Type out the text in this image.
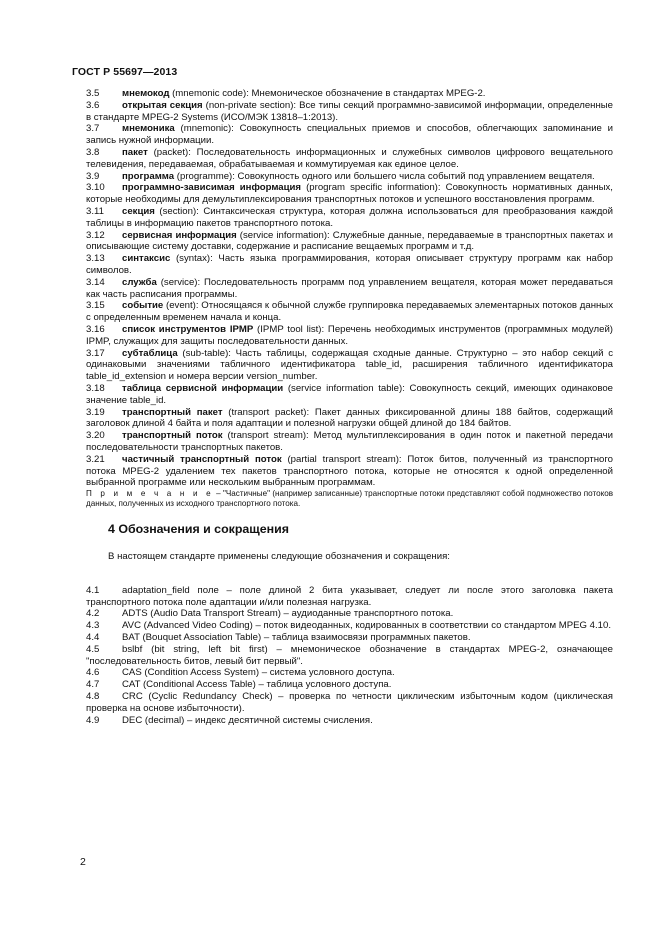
ГОСТ Р 55697—2013

3.5 мнемокод (mnemonic code): Мнемоническое обозначение в стандартах MPEG-2.

3.6 открытая секция (non-private section): Все типы секций программно-зависимой информации, определенные в стандарте MPEG-2 Systems (ИСО/МЭК 13818–1:2013).

3.7 мнемоника (mnemonic): Совокупность специальных приемов и способов, облегчающих запоминание и запись нужной информации.

3.8 пакет (packet): Последовательность информационных и служебных символов цифрового вещательного телевидения, передаваемая, обрабатываемая и коммутируемая как единое целое.

3.9 программа (programme): Совокупность одного или большего числа событий под управлением вещателя.

3.10 программно-зависимая информация (program specific information): Совокупность нормативных данных, которые необходимы для демультиплексирования транспортных потоков и успешного восстановления программ.

3.11 секция (section): Синтаксическая структура, которая должна использоваться для преобразования каждой таблицы в информацию пакетов транспортного потока.

3.12 сервисная информация (service information): Служебные данные, передаваемые в транспортных пакетах и описывающие систему доставки, содержание и расписание вещаемых программ и т.д.

3.13 синтаксис (syntax): Часть языка программирования, которая описывает структуру программ как набор символов.

3.14 служба (service): Последовательность программ под управлением вещателя, которая может передаваться как часть расписания программы.

3.15 событие (event): Относящаяся к обычной службе группировка передаваемых элементарных потоков данных с определенным временем начала и конца.

3.16 список инструментов IPMP (IPMP tool list): Перечень необходимых инструментов (программных модулей) IPMP, служащих для защиты последовательности данных.

3.17 субтаблица (sub-table): Часть таблицы, содержащая сходные данные. Структурно – это набор секций с одинаковыми значениями табличного идентификатора table_id, расширения табличного идентификатора table_id_extension и номера версии version_number.

3.18 таблица сервисной информации (service information table): Совокупность секций, имеющих одинаковое значение table_id.

3.19 транспортный пакет (transport packet): Пакет данных фиксированной длины 188 байтов, содержащий заголовок длиной 4 байта и поля адаптации и полезной нагрузки общей длиной до 184 байтов.

3.20 транспортный поток (transport stream): Метод мультиплексирования в один поток и пакетной передачи последовательности транспортных пакетов.

3.21 частичный транспортный поток (partial transport stream): Поток битов, полученный из транспортного потока MPEG-2 удалением тех пакетов транспортного потока, которые не относятся к одной определенной выбранной программе или нескольким выбранным программам.

П р и м е ч а н и е – "Частичные" (например записанные) транспортные потоки представляют собой подмножество потоков данных, полученных из исходного транспортного потока.

4 Обозначения и сокращения
В настоящем стандарте применены следующие обозначения и сокращения:

4.1 adaptation_field поле – поле длиной 2 бита указывает, следует ли после этого заголовка пакета транспортного потока поле адаптации и/или полезная нагрузка.

4.2 ADTS (Audio Data Transport Stream) – аудиоданные транспортного потока.

4.3 AVC (Advanced Video Coding) – поток видеоданных, кодированных в соответствии со стандартом MPEG 4.10.

4.4 BAT (Bouquet Association Table) – таблица взаимосвязи программных пакетов.

4.5 bslbf (bit string, left bit first) – мнемоническое обозначение в стандартах MPEG-2, означающее "последовательность битов, левый бит первый".

4.6 CAS (Condition Access System) – система условного доступа.

4.7 CAT (Conditional Access Table) – таблица условного доступа.

4.8 CRC (Cyclic Redundancy Check) – проверка по четности циклическим избыточным кодом (циклическая проверка на основе избыточности).

4.9 DEC (decimal) – индекс десятичной системы счисления.

2
